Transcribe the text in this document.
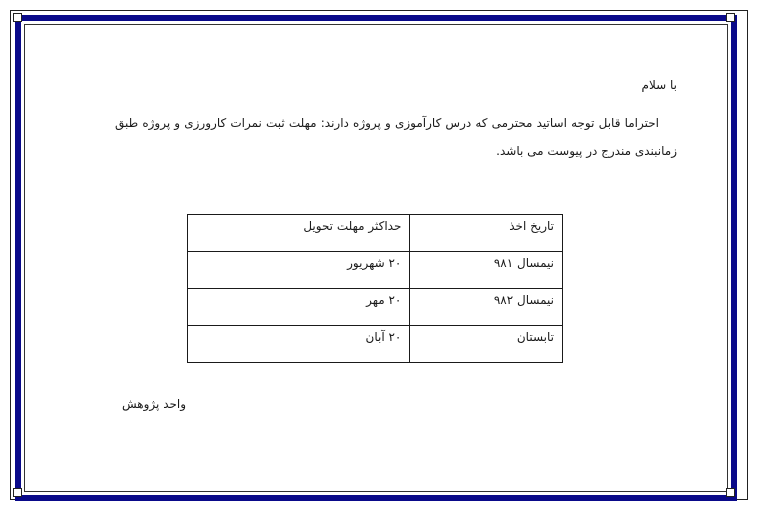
با سلام
احتراما قابل توجه اساتید محترمی که درس کارآموزی و پروژه دارند: مهلت ثبت نمرات کارورزی و پروژه طبق زمانبندی مندرج در پیوست می باشد.
تاریخ اخذ	حداکثر مهلت تحویل
نیمسال ۹۸۱	۲۰ شهریور
نیمسال ۹۸۲	۲۰ مهر
تابستان	۲۰ آبان
واحد پژوهش
